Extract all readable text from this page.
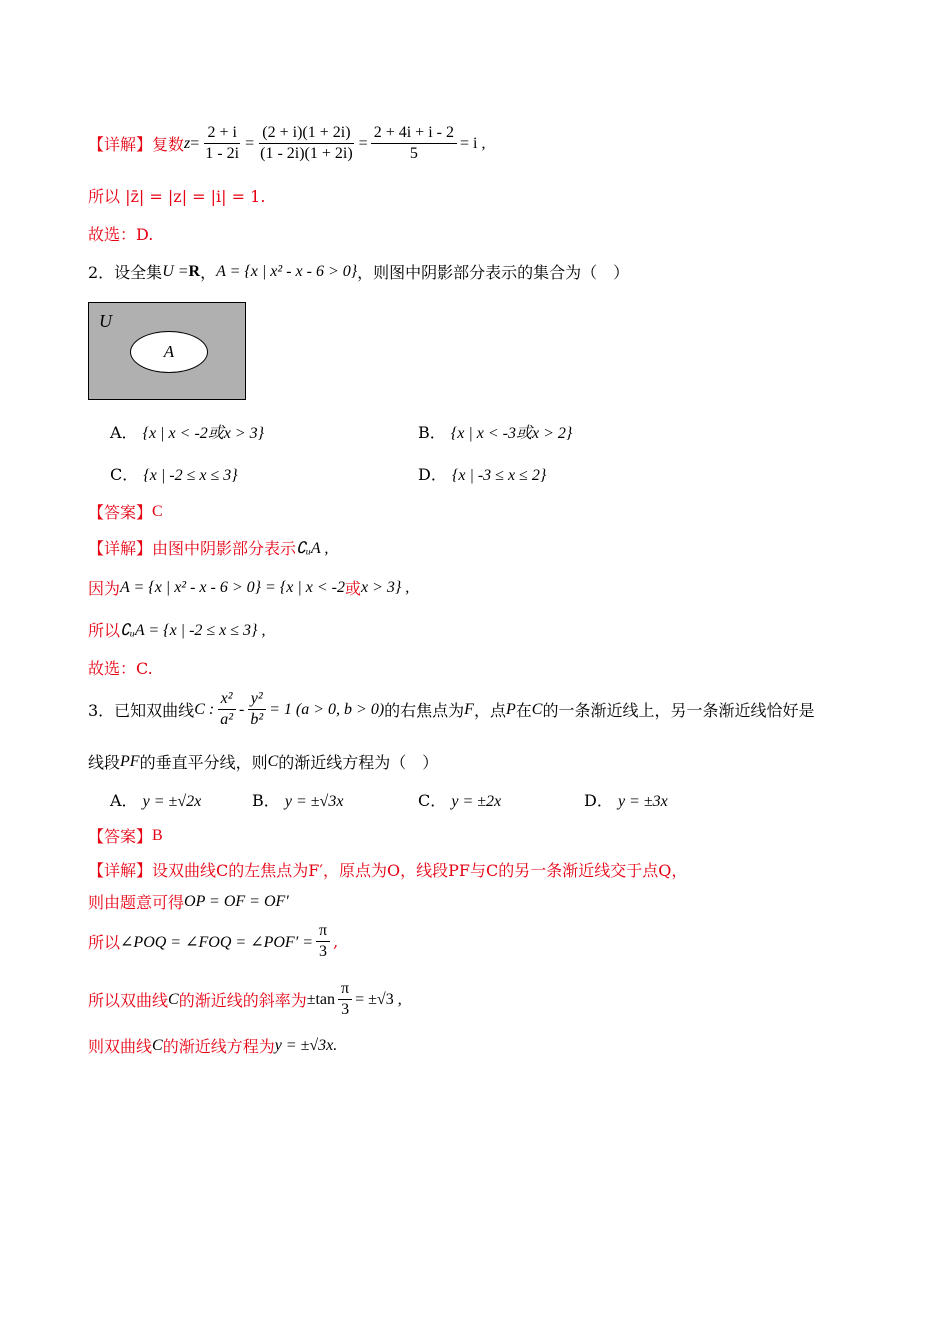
【详解】 复数 $z = \frac{2 + i}{1 - 2i} = \frac{(2 + i)(1 + 2i)}{(1 - 2i)(1 + 2i)} = \frac{2 + 4i + i - 2}{5} = i$ ,
所以 |z̄| = |z| = |i| = 1.
故选：D.
2．设全集 U = R ， A = {x | x² - x - 6 > 0} ，则图中阴影部分表示的集合为（　）
U
A
A． {x | x < -2或x > 3}	B． {x | x < -3或x > 2}
C． {x | -2 ≤ x ≤ 3}	D． {x | -3 ≤ x ≤ 2}
【答案】 C
【详解】 由图中阴影部分表示 ∁ᵤA ,
因为 A = {x | x² - x - 6 > 0} = {x | x < -2 或 x > 3} ,
所以 ∁ᵤA = {x | -2 ≤ x ≤ 3} ,
故选：C.
3．已知双曲线 C : $\frac{\text{x²}}{\text{a²}} - \frac{\text{y²}}{\text{b²}} = 1$ (a > 0, b > 0) 的右焦点为 F ，点 P 在 C 的一条渐近线上，另一条渐近线恰好是
线段 PF 的垂直平分线，则 C 的渐近线方程为（　）
A． y = ±√2x	B． y = ±√3x	C． y = ±2x	D． y = ±3x
【答案】 B
【详解】 设双曲线C的左焦点为F′，原点为O，线段PF与C的另一条渐近线交于点Q，
则由题意可得 OP = OF = OF′
所以 ∠POQ = ∠FOQ = ∠POF′ = $\frac{\pi}{3}$ ,
所以双曲线 C 的渐近线的斜率为 $\pm\tan \frac{\pi}{3} = \pm√3$ ,
则双曲线 C 的渐近线方程为 y = ±√3x.
